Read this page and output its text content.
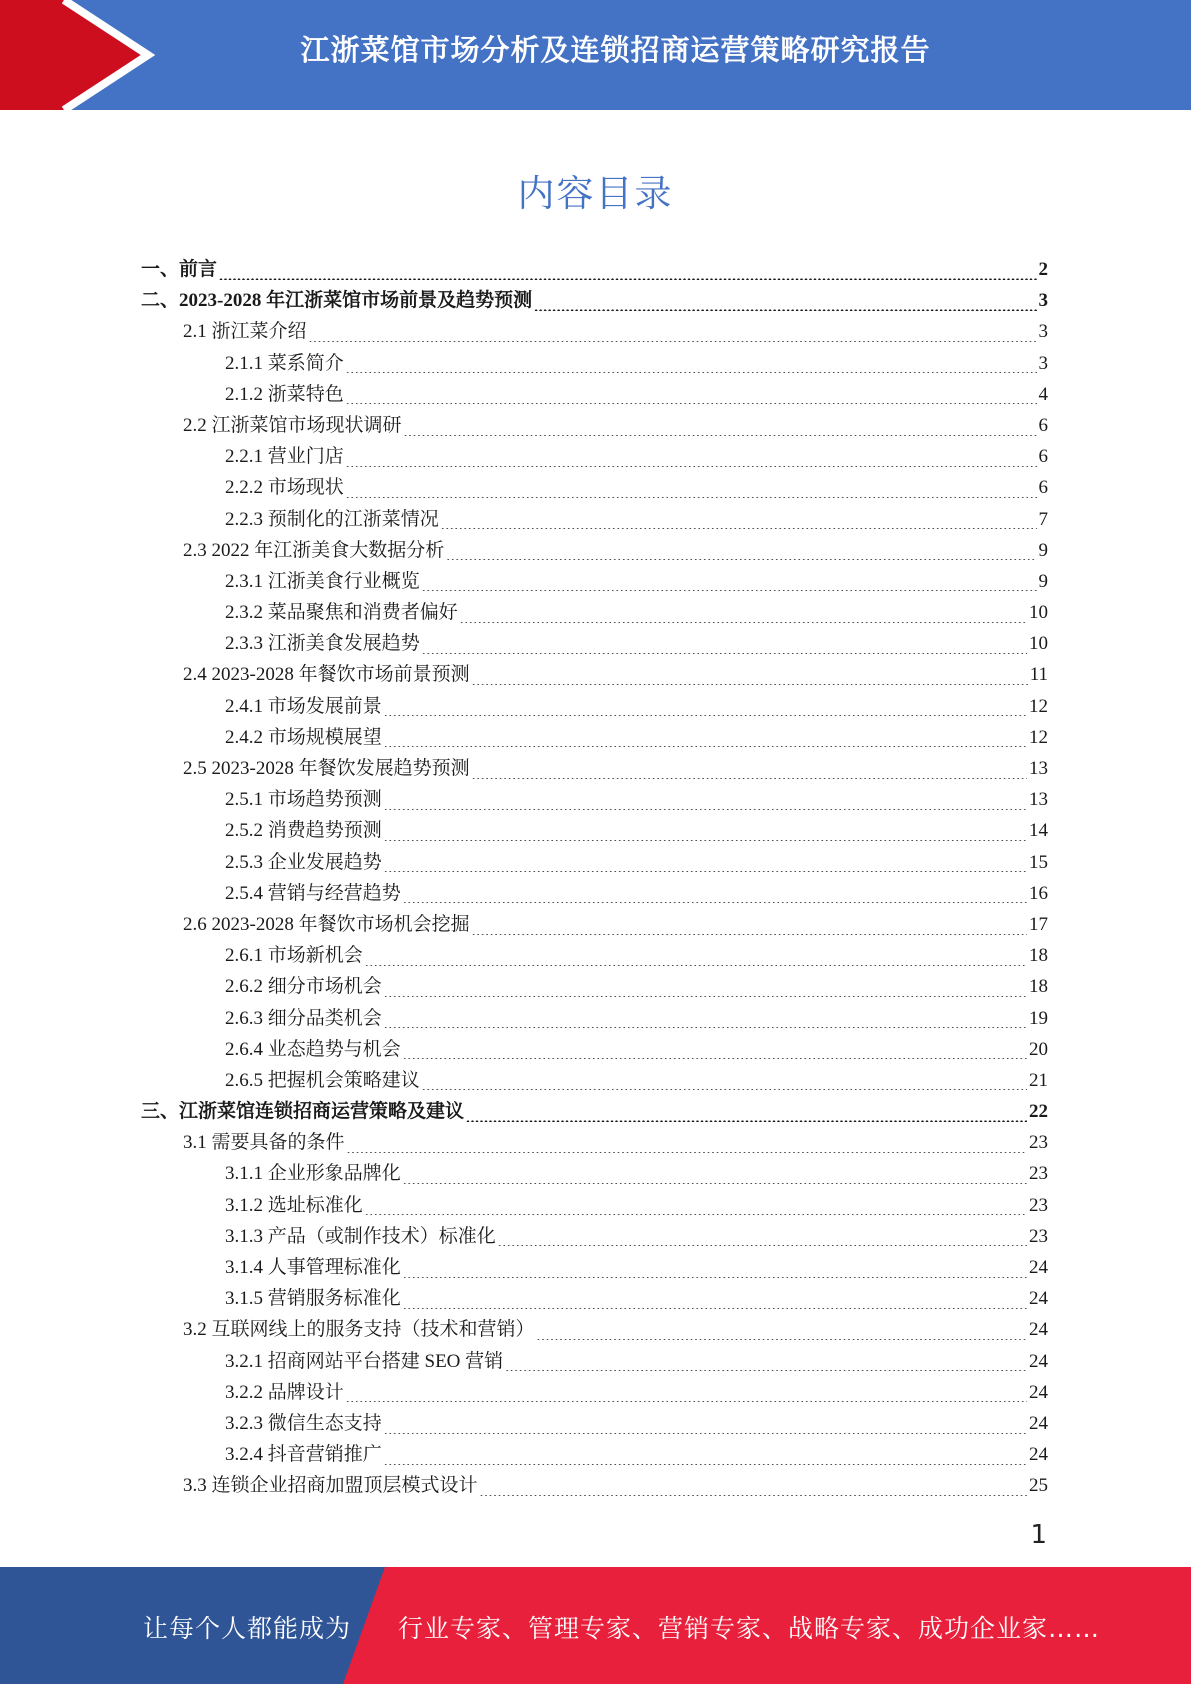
江浙菜馆市场分析及连锁招商运营策略研究报告
内容目录
一、前言 .....	2
二、2023-2028 年江浙菜馆市场前景及趋势预测 .....	3
2.1 浙江菜介绍 .....	3
2.1.1 菜系简介 .....	3
2.1.2 浙菜特色 .....	4
2.2 江浙菜馆市场现状调研 .....	6
2.2.1 营业门店 .....	6
2.2.2 市场现状 .....	6
2.2.3 预制化的江浙菜情况 .....	7
2.3 2022 年江浙美食大数据分析 .....	9
2.3.1 江浙美食行业概览 .....	9
2.3.2 菜品聚焦和消费者偏好 .....	10
2.3.3 江浙美食发展趋势 .....	10
2.4 2023-2028 年餐饮市场前景预测 .....	11
2.4.1 市场发展前景 .....	12
2.4.2 市场规模展望 .....	12
2.5 2023-2028 年餐饮发展趋势预测 .....	13
2.5.1 市场趋势预测 .....	13
2.5.2 消费趋势预测 .....	14
2.5.3 企业发展趋势 .....	15
2.5.4 营销与经营趋势 .....	16
2.6 2023-2028 年餐饮市场机会挖掘 .....	17
2.6.1 市场新机会 .....	18
2.6.2 细分市场机会 .....	18
2.6.3 细分品类机会 .....	19
2.6.4 业态趋势与机会 .....	20
2.6.5 把握机会策略建议 .....	21
三、江浙菜馆连锁招商运营策略及建议 .....	22
3.1 需要具备的条件 .....	23
3.1.1 企业形象品牌化 .....	23
3.1.2 选址标准化 .....	23
3.1.3 产品（或制作技术）标准化 .....	23
3.1.4 人事管理标准化 .....	24
3.1.5 营销服务标准化 .....	24
3.2 互联网线上的服务支持（技术和营销） .....	24
3.2.1 招商网站平台搭建 SEO 营销 .....	24
3.2.2 品牌设计 .....	24
3.2.3 微信生态支持 .....	24
3.2.4 抖音营销推广 .....	24
3.3 连锁企业招商加盟顶层模式设计 .....	25
1
让每个人都能成为 行业专家、管理专家、营销专家、战略专家、成功企业家……
